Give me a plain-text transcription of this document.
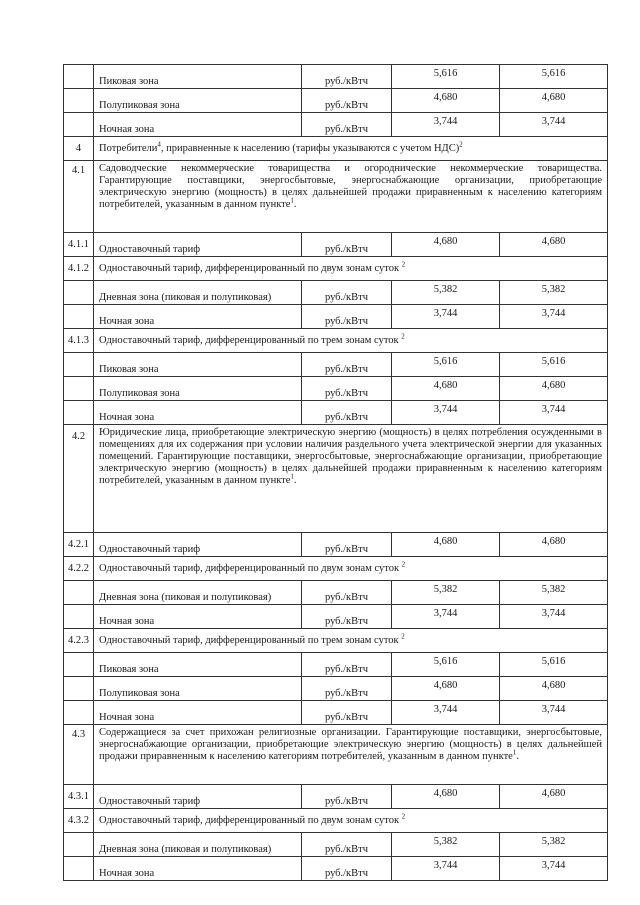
	Пиковая зона	руб./кВтч	5,616	5,616
	Полупиковая зона	руб./кВтч	4,680	4,680
	Ночная зона	руб./кВтч	3,744	3,744
4	Потребители$^4$, приравненные к населению (тарифы указываются с учетом НДС)$^2$
4.1	Садоводческие некоммерческие товарищества и огороднические некоммерческие товарищества. Гарантирующие поставщики, энергосбытовые, энергоснабжающие организации, приобретающие электрическую энергию (мощность) в целях дальнейшей продажи приравненным к населению категориям потребителей, указанным в данном пункте$^1$.			
4.1.1	Одноставочный тариф	руб./кВтч	4,680	4,680
4.1.2	Одноставочный тариф, дифференцированный по двум зонам суток $^2$
	Дневная зона (пиковая и полупиковая)	руб./кВтч	5,382	5,382
	Ночная зона	руб./кВтч	3,744	3,744
4.1.3	Одноставочный тариф, дифференцированный по трем зонам суток $^2$
	Пиковая зона	руб./кВтч	5,616	5,616
	Полупиковая зона	руб./кВтч	4,680	4,680
	Ночная зона	руб./кВтч	3,744	3,744
4.2	Юридические лица, приобретающие электрическую энергию (мощность) в целях потребления осужденными в помещениях для их содержания при условии наличия раздельного учета электрической энергии для указанных помещений. Гарантирующие поставщики, энергосбытовые, энергоснабжающие организации, приобретающие электрическую энергию (мощность) в целях дальнейшей продажи приравненным к населению категориям потребителей, указанным в данном пункте$^1$.			
4.2.1	Одноставочный тариф	руб./кВтч	4,680	4,680
4.2.2	Одноставочный тариф, дифференцированный по двум зонам суток $^2$
	Дневная зона (пиковая и полупиковая)	руб./кВтч	5,382	5,382
	Ночная зона	руб./кВтч	3,744	3,744
4.2.3	Одноставочный тариф, дифференцированный по трем зонам суток $^2$
	Пиковая зона	руб./кВтч	5,616	5,616
	Полупиковая зона	руб./кВтч	4,680	4,680
	Ночная зона	руб./кВтч	3,744	3,744
4.3	Содержащиеся за счет прихожан религиозные организации. Гарантирующие поставщики, энергосбытовые, энергоснабжающие организации, приобретающие электрическую энергию (мощность) в целях дальнейшей продажи приравненным к населению категориям потребителей, указанным в данном пункте$^1$.			
4.3.1	Одноставочный тариф	руб./кВтч	4,680	4,680
4.3.2	Одноставочный тариф, дифференцированный по двум зонам суток $^2$
	Дневная зона (пиковая и полупиковая)	руб./кВтч	5,382	5,382
	Ночная зона	руб./кВтч	3,744	3,744
